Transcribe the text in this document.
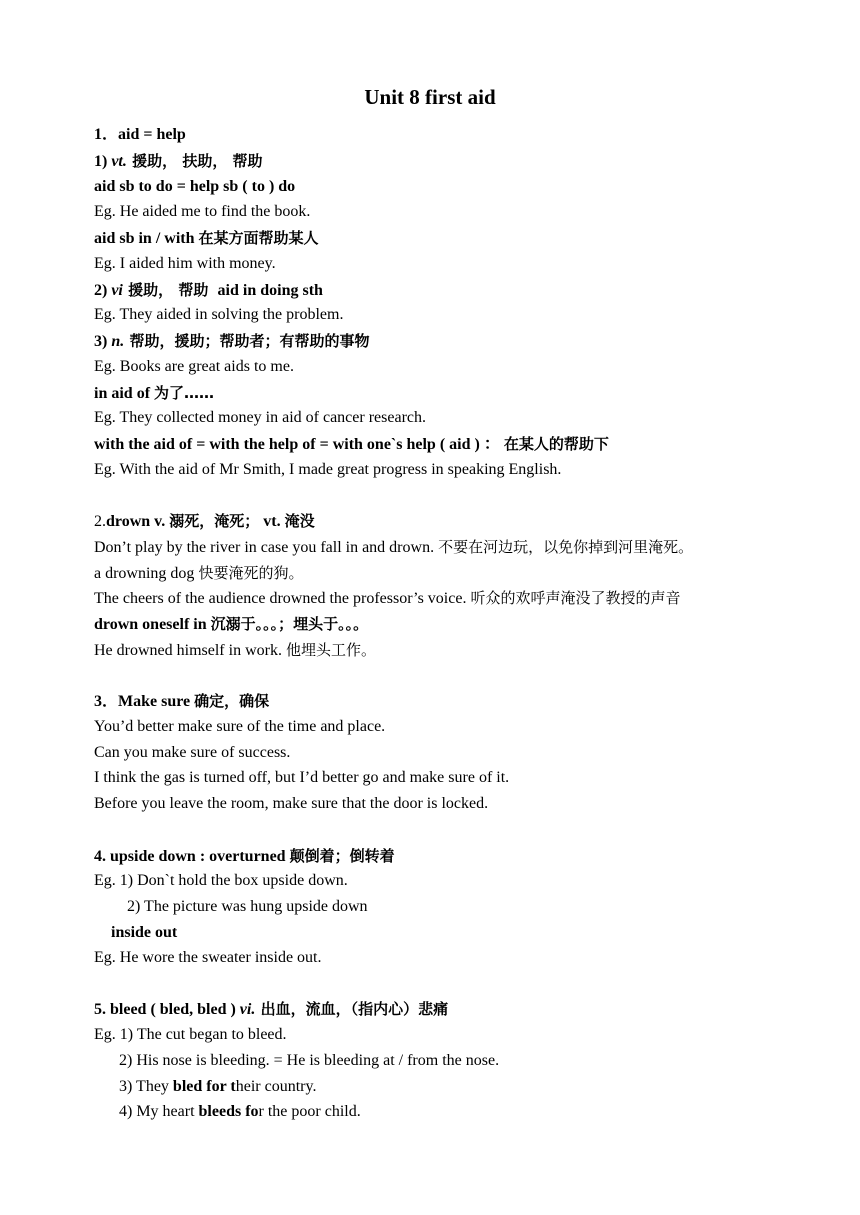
Unit 8 first aid
1．aid = help
1) vt. 援助， 扶助， 帮助
aid sb to do = help sb ( to ) do
Eg. He aided me to find the book.
aid sb in / with 在某方面帮助某人
Eg. I aided him with money.
2) vi 援助， 帮助  aid in doing sth
Eg. They aided in solving the problem.
3) n. 帮助，援助；帮助者；有帮助的事物
Eg. Books are great aids to me.
in aid of 为了……
Eg. They collected money in aid of cancer research.
with the aid of = with the help of = with one`s help ( aid ) ： 在某人的帮助下
Eg. With the aid of Mr Smith, I made great progress in speaking English.
2.drown v. 溺死，淹死； vt. 淹没
Don’t play by the river in case you fall in and drown. 不要在河边玩，以免你掉到河里淹死。
a drowning dog 快要淹死的狗。
The cheers of the audience drowned the professor’s voice. 听众的欢呼声淹没了教授的声音
drown oneself in 沉溺于。。。；埋头于。。。
He drowned himself in work. 他埋头工作。
3．Make sure 确定，确保
You’d better make sure of the time and place.
Can you make sure of success.
I think the gas is turned off, but I’d better go and make sure of it.
Before you leave the room, make sure that the door is locked.
4. upside down : overturned 颠倒着；倒转着
Eg. 1) Don`t hold the box upside down.
2) The picture was hung upside down
inside out
Eg. He wore the sweater inside out.
5. bleed ( bled, bled ) vi. 出血，流血，（指内心）悲痛
Eg. 1) The cut began to bleed.
2) His nose is bleeding. = He is bleeding at / from the nose.
3) They bled for their country.
4) My heart bleeds for the poor child.
